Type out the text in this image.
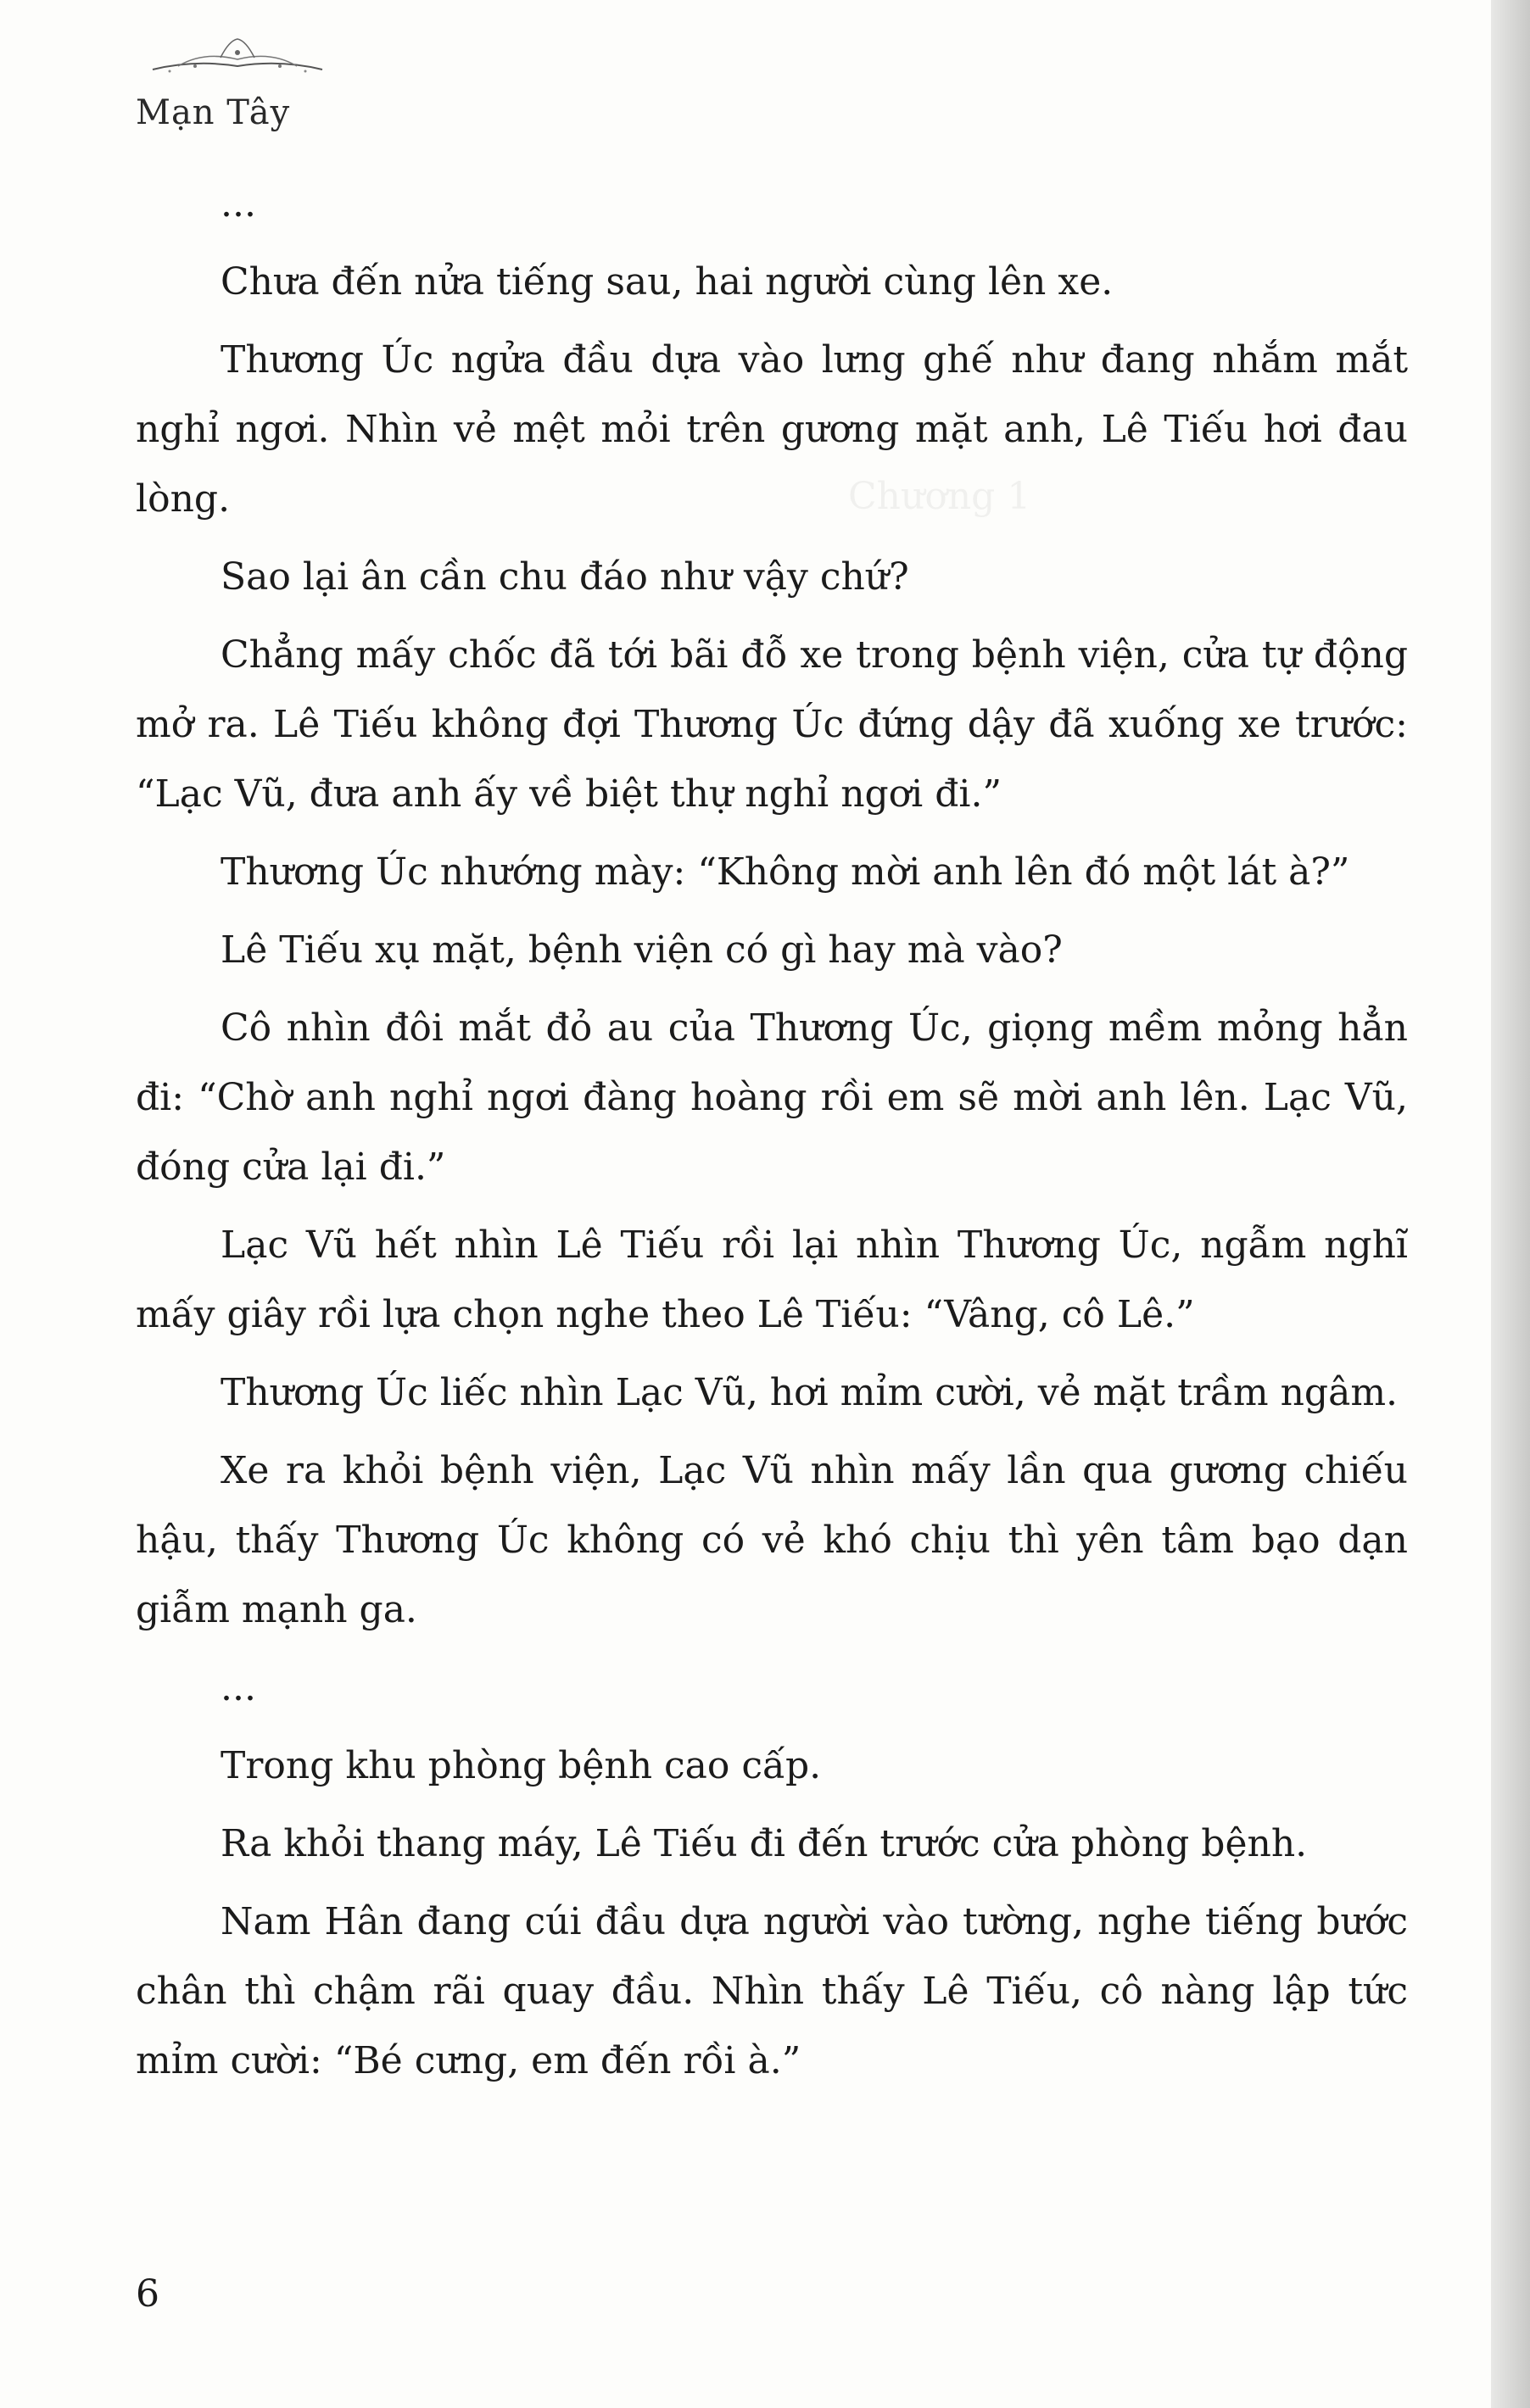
Mạn Tây
Chương 1

...

Chưa đến nửa tiếng sau, hai người cùng lên xe.

Thương Úc ngửa đầu dựa vào lưng ghế như đang nhắm mắt nghỉ ngơi. Nhìn vẻ mệt mỏi trên gương mặt anh, Lê Tiếu hơi đau lòng.

Sao lại ân cần chu đáo như vậy chứ?

Chẳng mấy chốc đã tới bãi đỗ xe trong bệnh viện, cửa tự động mở ra. Lê Tiếu không đợi Thương Úc đứng dậy đã xuống xe trước: “Lạc Vũ, đưa anh ấy về biệt thự nghỉ ngơi đi.”

Thương Úc nhướng mày: “Không mời anh lên đó một lát à?”

Lê Tiếu xụ mặt, bệnh viện có gì hay mà vào?

Cô nhìn đôi mắt đỏ au của Thương Úc, giọng mềm mỏng hẳn đi: “Chờ anh nghỉ ngơi đàng hoàng rồi em sẽ mời anh lên. Lạc Vũ, đóng cửa lại đi.”

Lạc Vũ hết nhìn Lê Tiếu rồi lại nhìn Thương Úc, ngẫm nghĩ mấy giây rồi lựa chọn nghe theo Lê Tiếu: “Vâng, cô Lê.”

Thương Úc liếc nhìn Lạc Vũ, hơi mỉm cười, vẻ mặt trầm ngâm.

Xe ra khỏi bệnh viện, Lạc Vũ nhìn mấy lần qua gương chiếu hậu, thấy Thương Úc không có vẻ khó chịu thì yên tâm bạo dạn giẫm mạnh ga.

...

Trong khu phòng bệnh cao cấp.

Ra khỏi thang máy, Lê Tiếu đi đến trước cửa phòng bệnh.

Nam Hân đang cúi đầu dựa người vào tường, nghe tiếng bước chân thì chậm rãi quay đầu. Nhìn thấy Lê Tiếu, cô nàng lập tức mỉm cười: “Bé cưng, em đến rồi à.”

6
